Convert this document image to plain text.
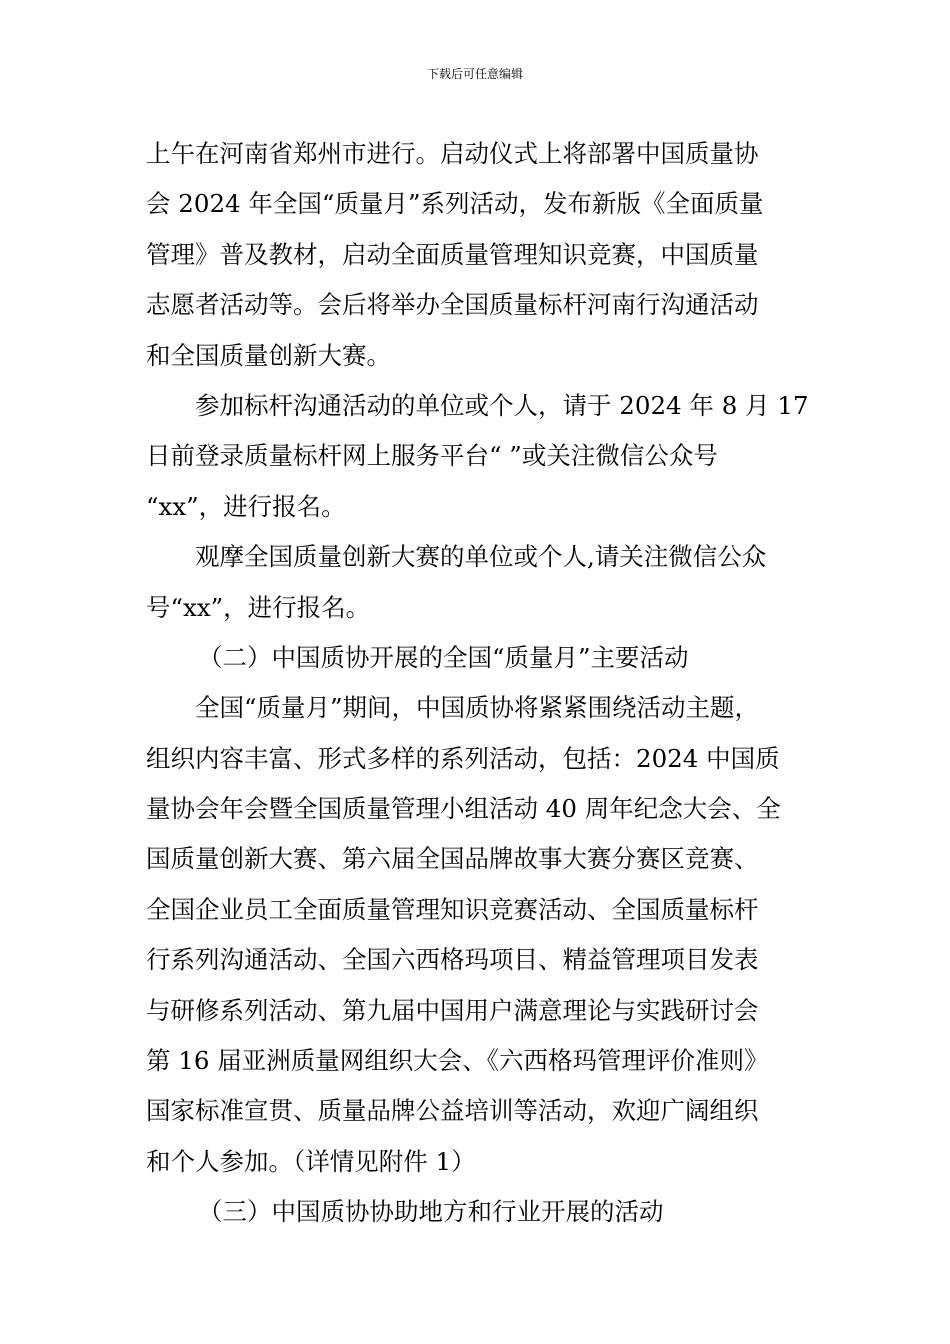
下载后可任意编辑
上午在河南省郑州市进行。启动仪式上将部署中国质量协
会 2024 年全国“质量月”系列活动，发布新版《全面质量
管理》普及教材，启动全面质量管理知识竞赛，中国质量
志愿者活动等。会后将举办全国质量标杆河南行沟通活动
和全国质量创新大赛。
参加标杆沟通活动的单位或个人，请于 2024 年 8 月 17
日前登录质量标杆网上服务平台“ ”或关注微信公众号
“xx”，进行报名。
观摩全国质量创新大赛的单位或个人,请关注微信公众
号“xx”，进行报名。
（二）中国质协开展的全国“质量月”主要活动
全国“质量月”期间，中国质协将紧紧围绕活动主题，
组织内容丰富、形式多样的系列活动，包括：2024 中国质
量协会年会暨全国质量管理小组活动 40 周年纪念大会、全
国质量创新大赛、第六届全国品牌故事大赛分赛区竞赛、
全国企业员工全面质量管理知识竞赛活动、全国质量标杆
行系列沟通活动、全国六西格玛项目、精益管理项目发表
与研修系列活动、第九届中国用户满意理论与实践研讨会
第 16 届亚洲质量网组织大会、《六西格玛管理评价准则》
国家标准宣贯、质量品牌公益培训等活动，欢迎广阔组织
和个人参加。（详情见附件 1）
（三）中国质协协助地方和行业开展的活动
